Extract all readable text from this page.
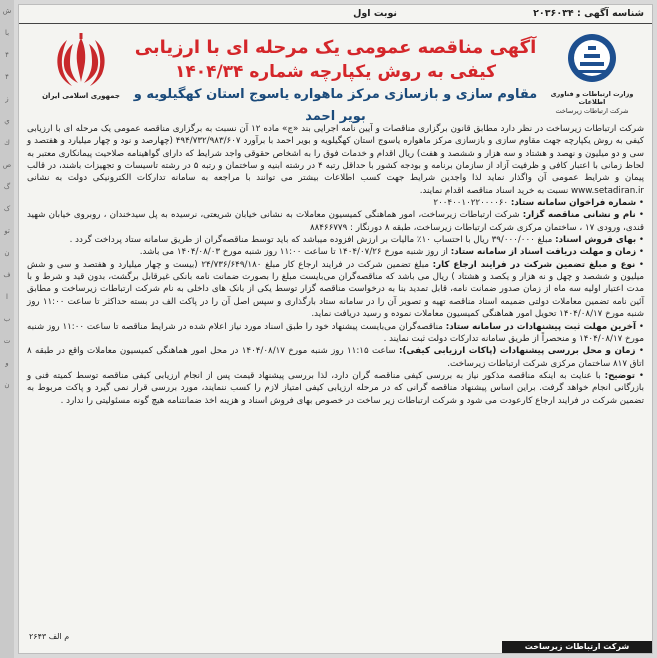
ش
با
۴
۴
ز
ي
ك
ص
گ
ک
تو
ن
ف
ا
ب
ت
و
ن
شناسه آگهی : ۲۰۳۶۰۳۴
نوبت اول
جمهوری اسلامی ایران
آگهی مناقصه عمومی یک مرحله ای با ارزیابی
کیفی به روش یکپارچه شماره ۱۴۰۴/۳۴
مقاوم سازی و بازسازی مرکز ماهواره یاسوج استان کهگیلویه و بویر احمد
وزارت ارتباطات و فناوری اطلاعات
شرکت ارتباطات زیرساخت

شرکت ارتباطات زیرساخت در نظر دارد مطابق قانون برگزاری مناقصات و آیین نامه اجرایی بند «ج» ماده ۱۲ آن نسبت به برگزاری مناقصه عمومی یک مرحله ای با ارزیابی کیفی به روش یکپارچه جهت مقاوم سازی و بازسازی مرکز ماهواره یاسوج استان کهگیلویه و بویر احمد با برآورد ۴۹۴/۷۳۲/۹۸۳/۶۰۷ (چهارصد و نود و چهار میلیارد و هفتصد و سی و دو میلیون و نهصد و هشتاد و سه هزار و ششصد و هفت) ریال اقدام و خدمات فوق را به اشخاص حقوقی واجد شرایط که دارای گواهینامه صلاحیت پیمانکاری معتبر به لحاظ زمانی با اعتبار کافی و ظرفیت آزاد از سازمان برنامه و بودجه کشور با حداقل رتبه ۴ در رشته ابنیه و ساختمان و رتبه ۵ در رشته تاسیسات و تجهیزات باشند، در قالب پیمان و شرایط عمومی آن واگذار نماید لذا واجدین شرایط جهت کسب اطلاعات بیشتر می توانند با مراجعه به سامانه تدارکات الکترونیکی دولت به نشانی www.setadiran.ir نسبت به خرید اسناد مناقصه اقدام نمایند.

• شماره فراخوان سامانه ستاد: ۲۰۰۴۰۰۱۰۲۲۰۰۰۰۶۰

• نام و نشانی مناقصه گزار: شرکت ارتباطات زیرساخت، امور هماهنگی کمیسیون معاملات به نشانی خیابان شریعتی، نرسیده به پل سیدخندان ، روبروی خیابان شهید قندی، ورودی ۱۷ ، ساختمان مرکزی شرکت ارتباطات زیرساخت، طبقه ۸ دورنگار : ۸۸۴۶۶۷۷۹

• بهای فروش اسناد: مبلغ ۳۹/۰۰۰/۰۰۰ ریال با احتساب ۱۰٪ مالیات بر ارزش افزوده میباشد که باید توسط مناقصه‌گران از طریق سامانه ستاد پرداخت گردد .

• زمان و مهلت دریافت اسناد از سامانه ستاد: از روز شنبه مورخ ۱۴۰۴/۰۷/۲۶ تا ساعت ۱۱:۰۰ روز شنبه مورخ ۱۴۰۴/۰۸/۰۳ می باشد.

• نوع و مبلغ تضمین شرکت در فرایند ارجاع کار: مبلغ تضمین شرکت در فرایند ارجاع کار مبلغ ۲۴/۷۳۶/۶۴۹/۱۸۰ (بیست و چهار میلیارد و هفتصد و سی و شش میلیون و ششصد و چهل و نه هزار و یکصد و هشتاد ) ریال می باشد که مناقصه‌گران می‌بایست مبلغ را بصورت ضمانت نامه بانکی غیرقابل برگشت، بدون قید و شرط و با مدت اعتبار اولیه سه ماه از زمان صدور ضمانت نامه، قابل تمدید بنا به درخواست مناقصه گزار توسط یکی از بانک های داخلی به نام شرکت ارتباطات زیرساخت و مطابق آئین نامه تضمین معاملات دولتی ضمیمه اسناد مناقصه تهیه و تصویر آن را در سامانه ستاد بارگذاری و سپس اصل آن را در پاکت الف در بسته حداکثر تا ساعت ۱۱:۰۰ روز شنبه مورخ ۱۴۰۴/۰۸/۱۷ تحویل امور هماهنگی کمیسیون معاملات نموده و رسید دریافت نماید.

• آخرین مهلت ثبت پیشنهادات در سامانه ستاد: مناقصه‌گران می‌بایست پیشنهاد خود را طبق اسناد مورد نیاز اعلام شده در شرایط مناقصه تا ساعت ۱۱:۰۰ روز شنبه مورخ ۱۴۰۴/۰۸/۱۷ و منحصراً از طریق سامانه تدارکات دولت ثبت نمایند .

• زمان و محل بررسی پیشنهادات (پاکات ارزیابی کیفی): ساعت ۱۱:۱۵ روز شنبه مورخ ۱۴۰۴/۰۸/۱۷ در محل امور هماهنگی کمیسیون معاملات واقع در طبقه ۸ اتاق ۸۱۷ ساختمان مرکزی شرکت ارتباطات زیرساخت.

• توضیح: با عنایت به اینکه مناقصه مذکور نیاز به بررسی کیفی مناقصه گران دارد، لذا بررسی پیشنهاد قیمت پس از انجام ارزیابی کیفی مناقصه توسط کمیته فنی و بازرگانی انجام خواهد گرفت. براین اساس پیشنهاد مناقصه گرانی که در مرحله ارزیابی کیفی امتیاز لازم را کسب ننمایند، مورد بررسی قرار نمی گیرد و پاکت مربوط به تضمین شرکت در فرایند ارجاع کارعودت می شود و شرکت ارتباطات زیر ساخت در خصوص بهای فروش اسناد و هزینه اخذ ضمانتنامه هیچ گونه مسئولیتی را ندارد .

م الف ۲۶۴۳
شرکت ارتباطات زیرساخت
